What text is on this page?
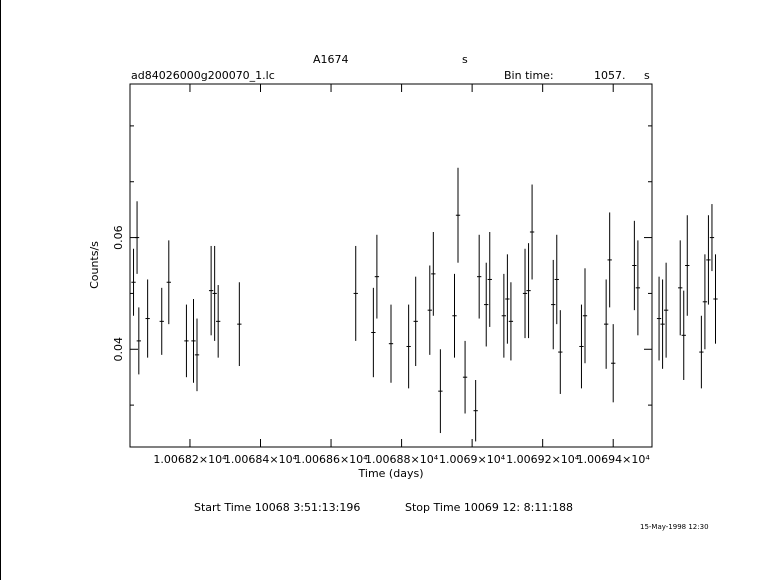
A1674	s
ad84026000g200070_1.lc	Bin time:	1057. s
1.00682×10⁴
1.00684×10⁴
1.00686×10⁴
1.00688×10⁴ 1.0069×10⁴ 1.00692×10⁴
1.00694×10⁴
0.04
0.06
Time (days)
Counts/s
Start Time 10068 3:51:13:196	Stop Time 10069 12: 8:11:188
15-May-1998 12:30
